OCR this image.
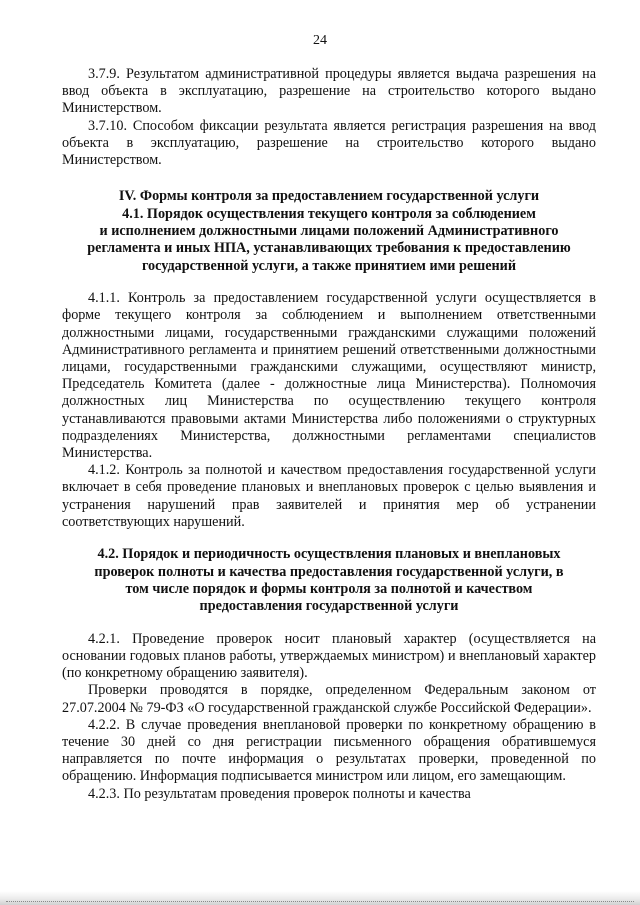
24

3.7.9. Результатом административной процедуры является выдача разрешения на ввод объекта в эксплуатацию, разрешение на строительство которого выдано Министерством.

3.7.10. Способом фиксации результата является регистрация разрешения на ввод объекта в эксплуатацию, разрешение на строительство которого выдано Министерством.

IV. Формы контроля за предоставлением государственной услуги
4.1. Порядок осуществления текущего контроля за соблюдением
и исполнением должностными лицами положений Административного
регламента и иных НПА, устанавливающих требования к предоставлению
государственной услуги, а также принятием ими решений

4.1.1. Контроль за предоставлением государственной услуги осуществляется в форме текущего контроля за соблюдением и выполнением ответственными должностными лицами, государственными гражданскими служащими положений Административного регламента и принятием решений ответственными должностными лицами, государственными гражданскими служащими, осуществляют министр, Председатель Комитета (далее - должностные лица Министерства). Полномочия должностных лиц Министерства по осуществлению текущего контроля устанавливаются правовыми актами Министерства либо положениями о структурных подразделениях Министерства, должностными регламентами специалистов Министерства.

4.1.2. Контроль за полнотой и качеством предоставления государственной услуги включает в себя проведение плановых и внеплановых проверок с целью выявления и устранения нарушений прав заявителей и принятия мер об устранении соответствующих нарушений.

4.2. Порядок и периодичность осуществления плановых и внеплановых
проверок полноты и качества предоставления государственной услуги, в
том числе порядок и формы контроля за полнотой и качеством
предоставления государственной услуги

4.2.1. Проведение проверок носит плановый характер (осуществляется на основании годовых планов работы, утверждаемых министром) и внеплановый характер (по конкретному обращению заявителя).

Проверки проводятся в порядке, определенном Федеральным законом от 27.07.2004 № 79-ФЗ «О государственной гражданской службе Российской Федерации».

4.2.2. В случае проведения внеплановой проверки по конкретному обращению в течение 30 дней со дня регистрации письменного обращения обратившемуся направляется по почте информация о результатах проверки, проведенной по обращению. Информация подписывается министром или лицом, его замещающим.

4.2.3. По результатам проведения проверок полноты и качества
